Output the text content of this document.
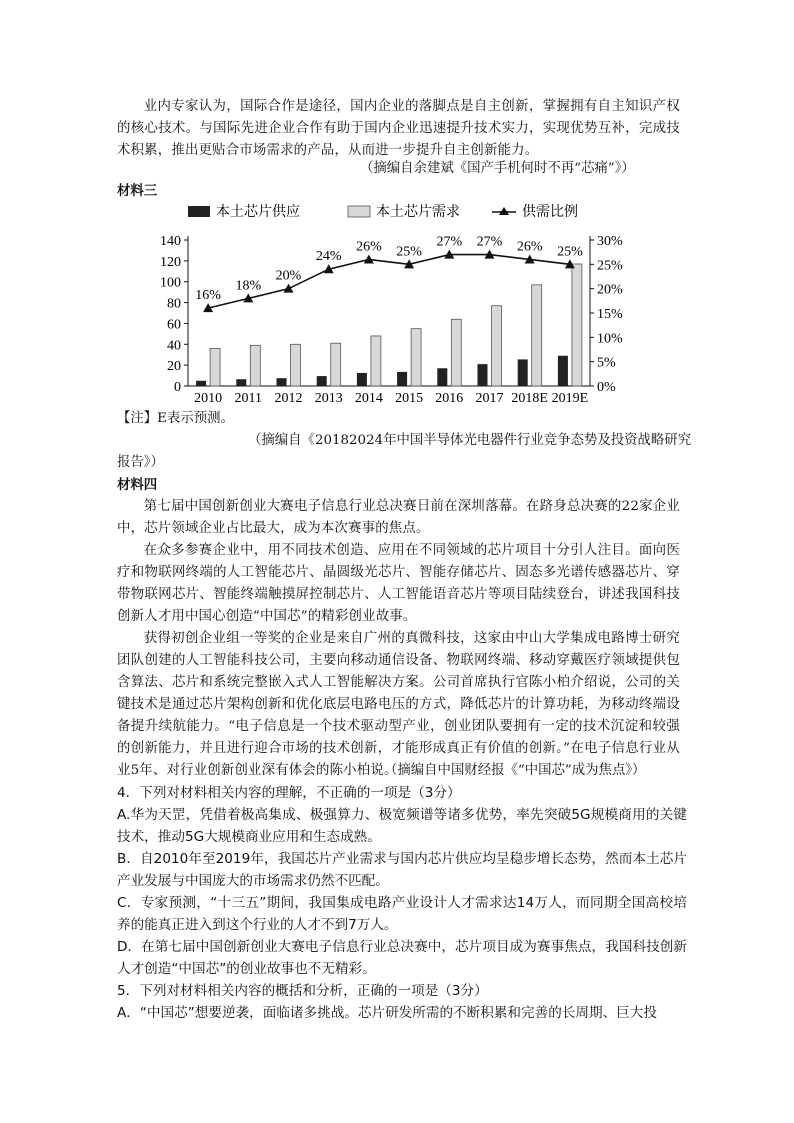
业内专家认为，国际合作是途径，国内企业的落脚点是自主创新，掌握拥有自主知识产权的核心技术。与国际先进企业合作有助于国内企业迅速提升技术实力，实现优势互补，完成技术积累，推出更贴合市场需求的产品，从而进一步提升自主创新能力。

（摘编自余建斌《国产手机何时不再“芯痛”》）

材料三

本土芯片供应	本土芯片需求	供需比例
0
20
40
60
80
100
120
140
0%
5%
10%
15%
20%
25%
30%
2010 2011 2012 2013 2014 2015 2016 2017 2018E 2019E
16%
18%
20%
24%
26% 25%
27% 27% 26% 25%

【注】E表示预测。

（摘编自《20182024年中国半导体光电器件行业竞争态势及投资战略研究

报告》）

材料四

第七届中国创新创业大赛电子信息行业总决赛日前在深圳落幕。在跻身总决赛的22家企业中，芯片领域企业占比最大，成为本次赛事的焦点。

在众多参赛企业中，用不同技术创造、应用在不同领域的芯片项目十分引人注目。面向医疗和物联网终端的人工智能芯片、晶圆级光芯片、智能存储芯片、固态多光谱传感器芯片、穿带物联网芯片、智能终端触摸屏控制芯片、人工智能语音芯片等项目陆续登台，讲述我国科技创新人才用中国心创造“中国芯”的精彩创业故事。

获得初创企业组一等奖的企业是来自广州的真微科技，这家由中山大学集成电路博士研究团队创建的人工智能科技公司，主要向移动通信设备、物联网终端、移动穿戴医疗领域提供包含算法、芯片和系统完整嵌入式人工智能解决方案。公司首席执行官陈小柏介绍说，公司的关键技术是通过芯片架构创新和优化底层电路电压的方式，降低芯片的计算功耗，为移动终端设备提升续航能力。“电子信息是一个技术驱动型产业，创业团队要拥有一定的技术沉淀和较强的创新能力，并且进行迎合市场的技术创新，才能形成真正有价值的创新。”在电子信息行业从业5年、对行业创新创业深有体会的陈小柏说。

（摘编自中国财经报《“中国芯”成为焦点》）

4．下列对材料相关内容的理解，不正确的一项是（3分）

A.华为天罡，凭借着极高集成、极强算力、极宽频谱等诸多优势，率先突破5G规模商用的关键技术，推动5G大规模商业应用和生态成熟。

B．自2010年至2019年，我国芯片产业需求与国内芯片供应均呈稳步增长态势，然而本土芯片产业发展与中国庞大的市场需求仍然不匹配。

C．专家预测，“十三五”期间，我国集成电路产业设计人才需求达14万人，而同期全国高校培养的能真正进入到这个行业的人才不到7万人。

D．在第七届中国创新创业大赛电子信息行业总决赛中，芯片项目成为赛事焦点，我国科技创新人才创造“中国芯”的创业故事也不无精彩。

5．下列对材料相关内容的概括和分析，正确的一项是（3分）

A．“中国芯”想要逆袭，面临诸多挑战。芯片研发所需的不断积累和完善的长周期、巨大投
